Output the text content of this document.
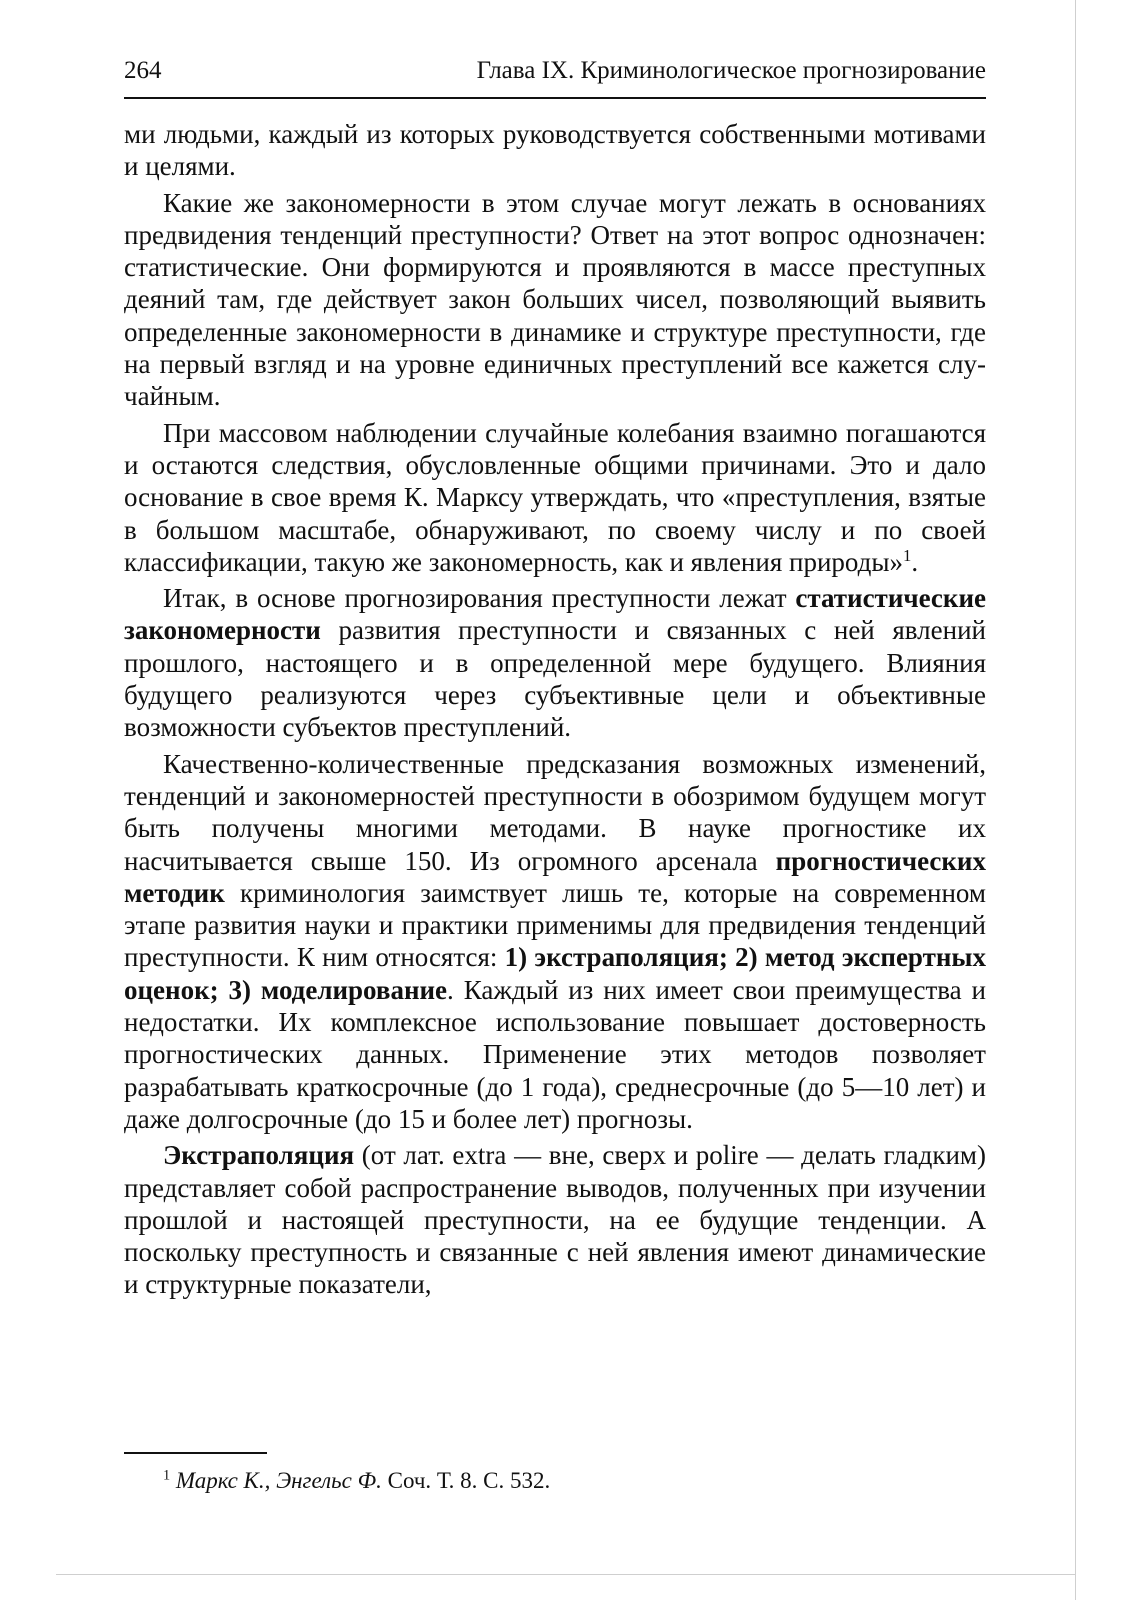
264	Глава IX. Криминологическое прогнозирование

ми людьми, каждый из которых руководствуется собственными мотивами и целями.

Какие же закономерности в этом случае могут лежать в основаниях предвидения тенденций преступности? Ответ на этот вопрос однозначен: статистические. Они формируются и проявляются в массе преступных деяний там, где действует закон больших чисел, позволяющий выявить определенные закономерности в динамике и структуре преступности, где на первый взгляд и на уровне единичных преступлений все кажется случайным.

При массовом наблюдении случайные колебания взаимно погашаются и остаются следствия, обусловленные общими причинами. Это и дало основание в свое время К. Марксу утверждать, что «преступления, взятые в большом масштабе, обнаруживают, по своему числу и по своей классификации, такую же закономерность, как и явления природы»$^1$.

Итак, в основе прогнозирования преступности лежат статистические закономерности развития преступности и связанных с ней явлений прошлого, настоящего и в определенной мере будущего. Влияния будущего реализуются через субъективные цели и объективные возможности субъектов преступлений.

Качественно-количественные предсказания возможных изменений, тенденций и закономерностей преступности в обозримом будущем могут быть получены многими методами. В науке прогностике их насчитывается свыше 150. Из огромного арсенала прогностических методик криминология заимствует лишь те, которые на современном этапе развития науки и практики применимы для предвидения тенденций преступности. К ним относятся: 1) экстраполяция; 2) метод экспертных оценок; 3) моделирование. Каждый из них имеет свои преимущества и недостатки. Их комплексное использование повышает достоверность прогностических данных. Применение этих методов позволяет разрабатывать краткосрочные (до 1 года), среднесрочные (до 5—10 лет) и даже долгосрочные (до 15 и более лет) прогнозы.

Экстраполяция (от лат. extra — вне, сверх и polire — делать гладким) представляет собой распространение выводов, полученных при изучении прошлой и настоящей преступности, на ее будущие тенденции. А поскольку преступность и связанные с ней явления имеют динамические и структурные показатели,

$^1$ Маркс К., Энгельс Ф. Соч. Т. 8. С. 532.
